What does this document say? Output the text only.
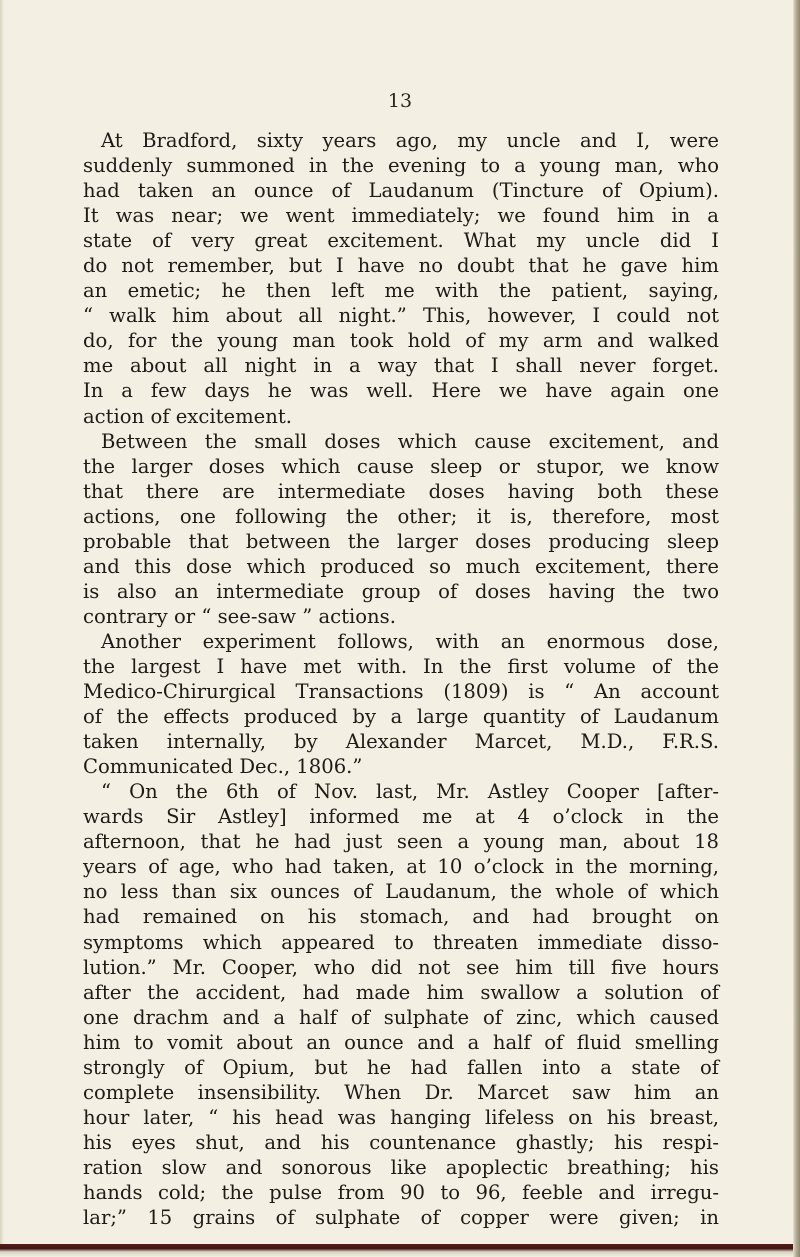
13
At Bradford, sixty years ago, my uncle and I, were
suddenly summoned in the evening to a young man, who
had taken an ounce of Laudanum (Tincture of Opium).
It was near; we went immediately; we found him in a
state of very great excitement. What my uncle did I
do not remember, but I have no doubt that he gave him
an emetic; he then left me with the patient, saying,
“ walk him about all night.” This, however, I could not
do, for the young man took hold of my arm and walked
me about all night in a way that I shall never forget.
In a few days he was well. Here we have again one
action of excitement.
Between the small doses which cause excitement, and
the larger doses which cause sleep or stupor, we know
that there are intermediate doses having both these
actions, one following the other; it is, therefore, most
probable that between the larger doses producing sleep
and this dose which produced so much excitement, there
is also an intermediate group of doses having the two
contrary or “ see-saw ” actions.
Another experiment follows, with an enormous dose,
the largest I have met with. In the first volume of the
Medico-Chirurgical Transactions (1809) is “ An account
of the effects produced by a large quantity of Laudanum
taken internally, by Alexander Marcet, M.D., F.R.S.
Communicated Dec., 1806.”
“ On the 6th of Nov. last, Mr. Astley Cooper [after-
wards Sir Astley] informed me at 4 o’clock in the
afternoon, that he had just seen a young man, about 18
years of age, who had taken, at 10 o’clock in the morning,
no less than six ounces of Laudanum, the whole of which
had remained on his stomach, and had brought on
symptoms which appeared to threaten immediate disso-
lution.” Mr. Cooper, who did not see him till five hours
after the accident, had made him swallow a solution of
one drachm and a half of sulphate of zinc, which caused
him to vomit about an ounce and a half of fluid smelling
strongly of Opium, but he had fallen into a state of
complete insensibility. When Dr. Marcet saw him an
hour later, “ his head was hanging lifeless on his breast,
his eyes shut, and his countenance ghastly; his respi-
ration slow and sonorous like apoplectic breathing; his
hands cold; the pulse from 90 to 96, feeble and irregu-
lar;” 15 grains of sulphate of copper were given; in
